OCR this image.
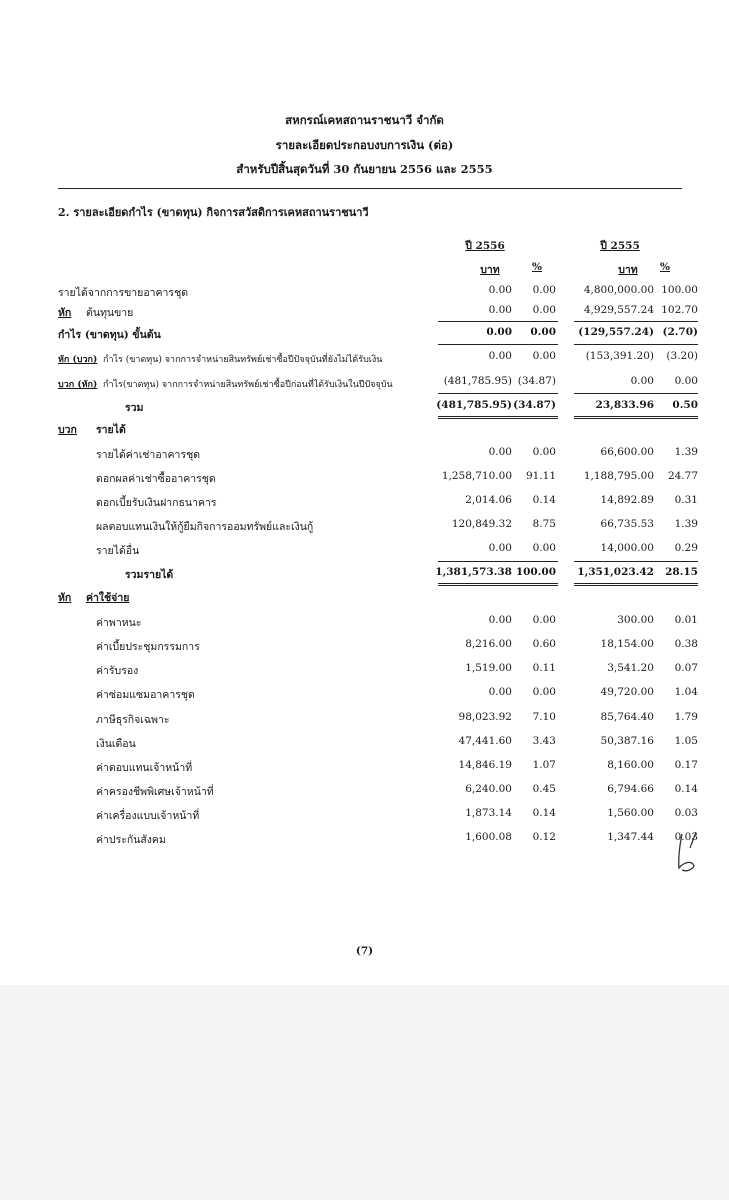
สหกรณ์เคหสถานราชนาวี จำกัด
รายละเอียดประกอบงบการเงิน (ต่อ)
สำหรับปีสิ้นสุดวันที่ 30 กันยายน 2556 และ 2555
2. รายละเอียดกำไร (ขาดทุน) กิจการสวัสดิการเคหสถานราชนาวี
ปี 2556	ปี 2555
บาท	%	บาท	%
รายได้จากการขายอาคารชุด	0.00	0.00	4,800,000.00 100.00
หัก ต้นทุนขาย	0.00	0.00	4,929,557.24 102.70
กำไร (ขาดทุน) ขั้นต้น	0.00	0.00	(129,557.24) (2.70)
หัก (บวก) กำไร (ขาดทุน) จากการจำหน่ายสินทรัพย์เช่าซื้อปีปัจจุบันที่ยังไม่ได้รับเงิน	0.00	0.00	(153,391.20)	(3.20)
บวก (หัก) กำไร(ขาดทุน) จากการจำหน่ายสินทรัพย์เช่าซื้อปีก่อนที่ได้รับเงินในปีปัจจุบัน	(481,785.95) (34.87)	0.00	0.00
รวม	(481,785.95) (34.87)	23,833.96	0.50
บวก รายได้
รายได้ค่าเช่าอาคารชุด	0.00	0.00	66,600.00	1.39
ดอกผลค่าเช่าซื้ออาคารชุด	1,258,710.00	91.11	1,188,795.00	24.77
ดอกเบี้ยรับเงินฝากธนาคาร	2,014.06	0.14	14,892.89	0.31
ผลตอบแทนเงินให้กู้ยืมกิจการออมทรัพย์และเงินกู้	120,849.32	8.75	66,735.53	1.39
รายได้อื่น	0.00	0.00	14,000.00	0.29
รวมรายได้	1,381,573.38 100.00	1,351,023.42	28.15
หัก ค่าใช้จ่าย
ค่าพาหนะ	0.00	0.00	300.00	0.01
ค่าเบี้ยประชุมกรรมการ	8,216.00	0.60	18,154.00	0.38
ค่ารับรอง	1,519.00	0.11	3,541.20	0.07
ค่าซ่อมแซมอาคารชุด	0.00	0.00	49,720.00	1.04
ภาษีธุรกิจเฉพาะ	98,023.92	7.10	85,764.40	1.79
เงินเดือน	47,441.60	3.43	50,387.16	1.05
ค่าตอบแทนเจ้าหน้าที่	14,846.19	1.07	8,160.00	0.17
ค่าครองชีพพิเศษเจ้าหน้าที่	6,240.00	0.45	6,794.66	0.14
ค่าเครื่องแบบเจ้าหน้าที่	1,873.14	0.14	1,560.00	0.03
ค่าประกันสังคม	1,600.08	0.12	1,347.44	0.03
(7)
